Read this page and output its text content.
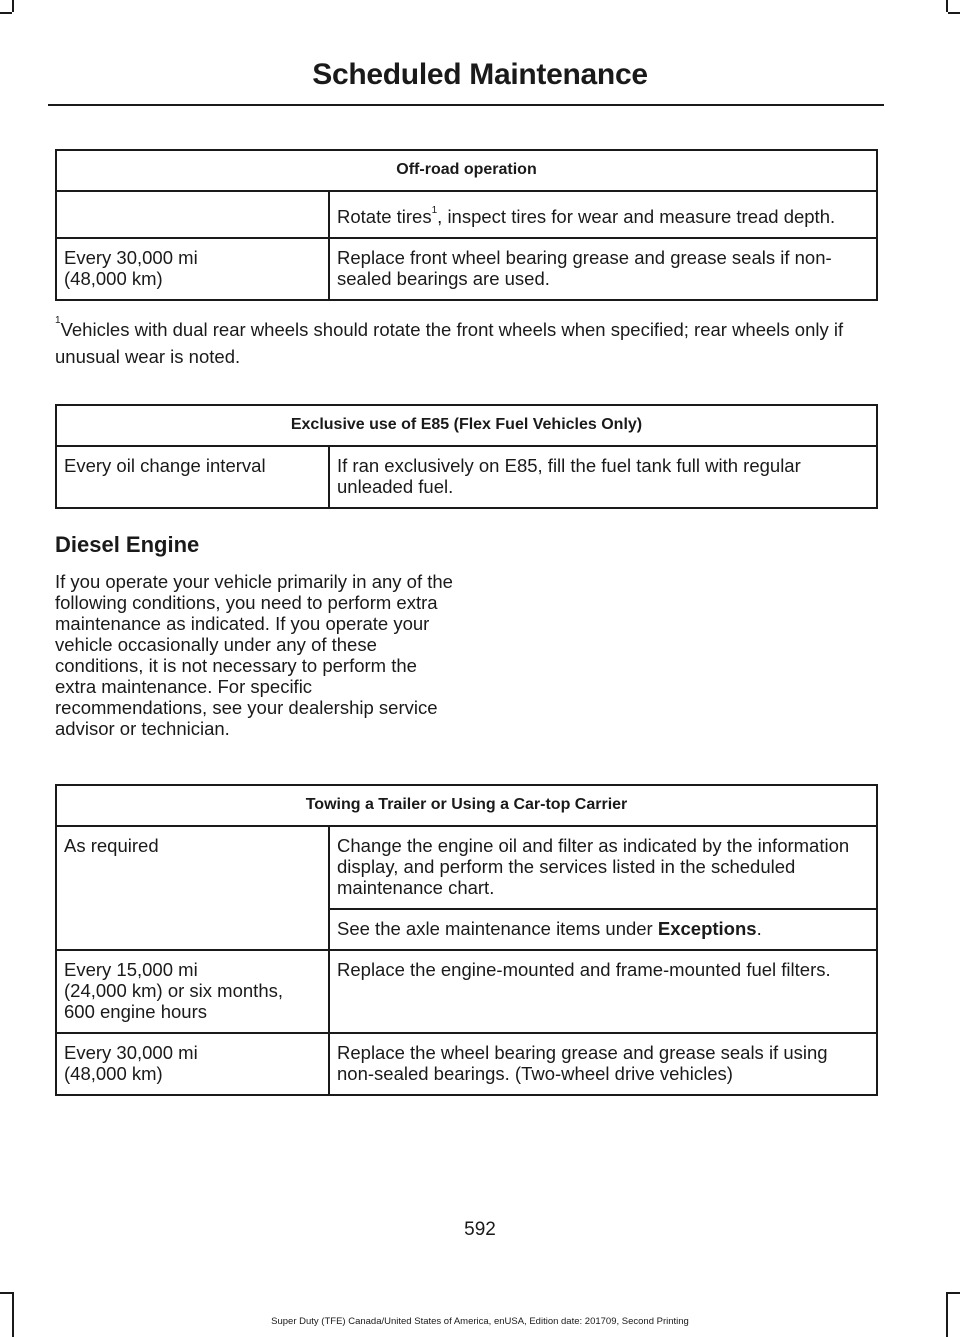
Scheduled Maintenance
Off-road operation	
	Rotate tires$^1$, inspect tires for wear and measure tread depth.
Every 30,000 mi
(48,000 km)	Replace front wheel bearing grease and grease seals if non-sealed bearings are used.
$^1$Vehicles with dual rear wheels should rotate the front wheels when specified; rear wheels only if unusual wear is noted.
Exclusive use of E85 (Flex Fuel Vehicles Only)
Every oil change interval	If ran exclusively on E85, fill the fuel tank full with regular unleaded fuel.
Diesel Engine
If you operate your vehicle primarily in any of the following conditions, you need to perform extra maintenance as indicated. If you operate your vehicle occasionally under any of these conditions, it is not necessary to perform the extra maintenance. For specific recommendations, see your dealership service advisor or technician.
Towing a Trailer or Using a Car-top Carrier	
As required	Change the engine oil and filter as indicated by the information display, and perform the services listed in the scheduled maintenance chart.
	See the axle maintenance items under Exceptions.
Every 15,000 mi
(24,000 km) or six months,
600 engine hours	Replace the engine-mounted and frame-mounted fuel filters.
Every 30,000 mi
(48,000 km)	Replace the wheel bearing grease and grease seals if using non-sealed bearings. (Two-wheel drive vehicles)
592
Super Duty (TFE) Canada/United States of America, enUSA, Edition date: 201709, Second Printing
